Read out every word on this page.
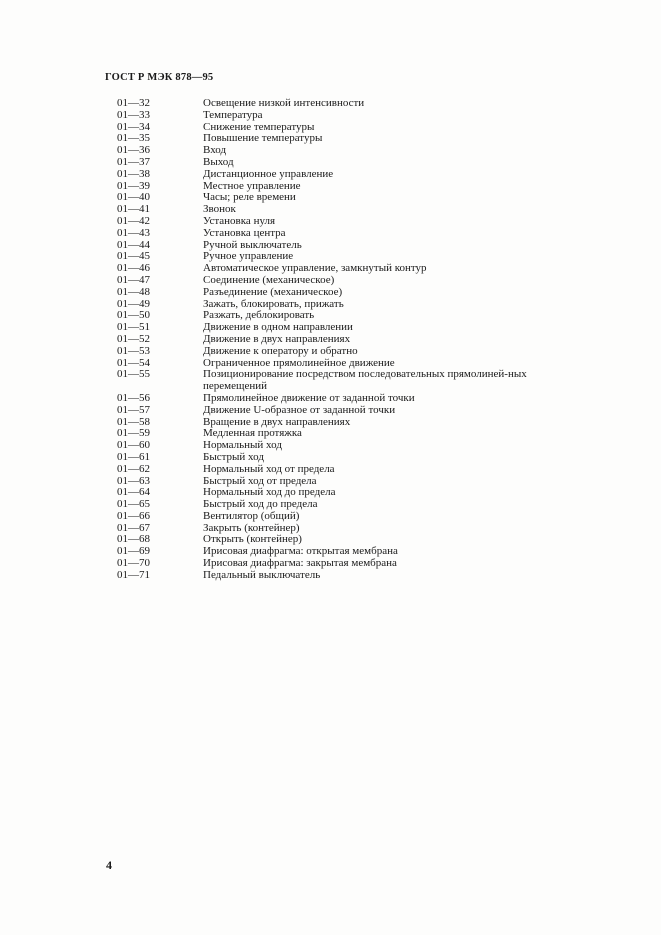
ГОСТ Р МЭК 878—95
01—32	Освещение низкой интенсивности
01—33	Температура
01—34	Снижение температуры
01—35	Повышение температуры
01—36	Вход
01—37	Выход
01—38	Дистанционное управление
01—39	Местное управление
01—40	Часы; реле времени
01—41	Звонок
01—42	Установка нуля
01—43	Установка центра
01—44	Ручной выключатель
01—45	Ручное управление
01—46	Автоматическое управление, замкнутый контур
01—47	Соединение (механическое)
01—48	Разъединение (механическое)
01—49	Зажать, блокировать, прижать
01—50	Разжать, деблокировать
01—51	Движение в одном направлении
01—52	Движение в двух направлениях
01—53	Движение к оператору и обратно
01—54	Ограниченное прямолинейное движение
01—55	Позиционирование посредством последовательных прямолиней-ных перемещений
01—56	Прямолинейное движение от заданной точки
01—57	Движение U-образное от заданной точки
01—58	Вращение в двух направлениях
01—59	Медленная протяжка
01—60	Нормальный ход
01—61	Быстрый ход
01—62	Нормальный ход от предела
01—63	Быстрый ход от предела
01—64	Нормальный ход до предела
01—65	Быстрый ход до предела
01—66	Вентилятор (общий)
01—67	Закрыть (контейнер)
01—68	Открыть (контейнер)
01—69	Ирисовая диафрагма: открытая мембрана
01—70	Ирисовая диафрагма: закрытая мембрана
01—71	Педальный выключатель
4
